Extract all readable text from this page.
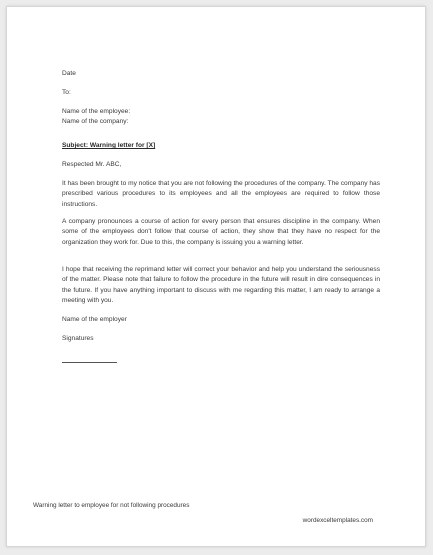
Date
To:
Name of the employee:
Name of the company:
Subject: Warning letter for [X]
Respected Mr. ABC,
It has been brought to my notice that you are not following the procedures of the company. The company has prescribed various procedures to its employees and all the employees are required to follow those instructions.
A company pronounces a course of action for every person that ensures discipline in the company. When some of the employees don't follow that course of action, they show that they have no respect for the organization they work for. Due to this, the company is issuing you a warning letter.
I hope that receiving the reprimand letter will correct your behavior and help you understand the seriousness of the matter. Please note that failure to follow the procedure in the future will result in dire consequences in the future. If you have anything important to discuss with me regarding this matter, I am ready to arrange a meeting with you.
Name of the employer
Signatures
Warning letter to employee for not following procedures
wordexceltemplates.com
